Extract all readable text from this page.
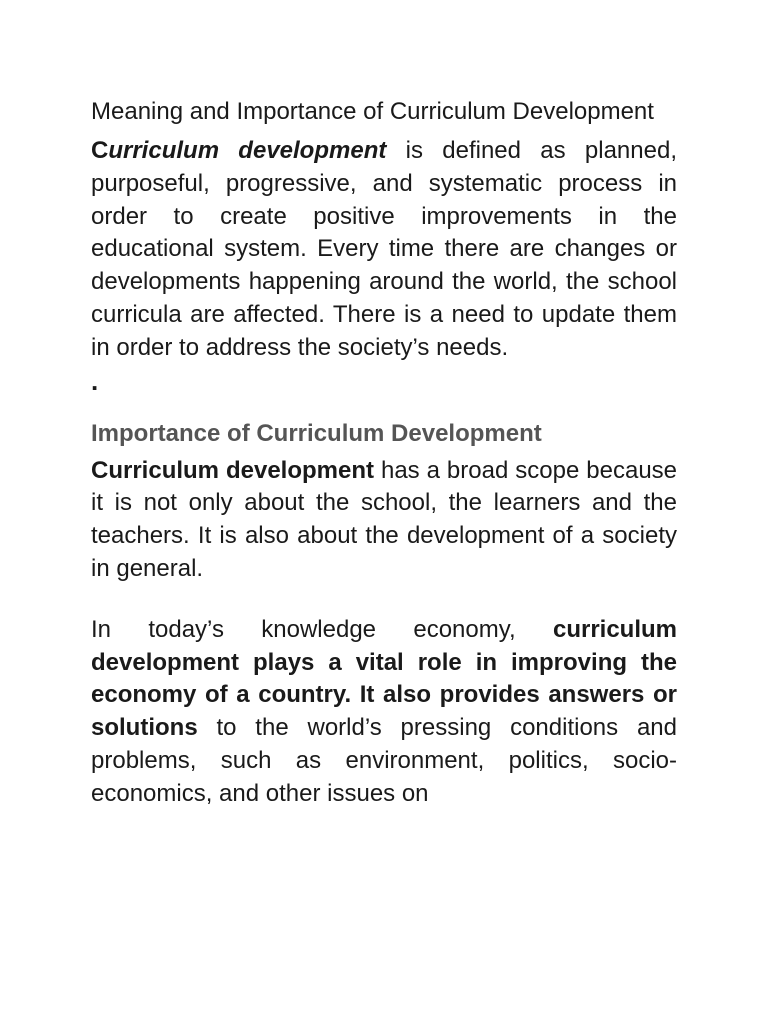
Meaning and Importance of Curriculum Development

Curriculum development is defined as planned, purposeful, progressive, and systematic process in order to create positive improvements in the educational system. Every time there are changes or developments happening around the world, the school curricula are affected. There is a need to update them in order to address the society’s needs.

.
Importance of Curriculum Development

Curriculum development has a broad scope because it is not only about the school, the learners and the teachers. It is also about the development of a society in general.

In today’s knowledge economy, curriculum development plays a vital role in improving the economy of a country. It also provides answers or solutions to the world’s pressing conditions and problems, such as environment, politics, socio-economics, and other issues on
